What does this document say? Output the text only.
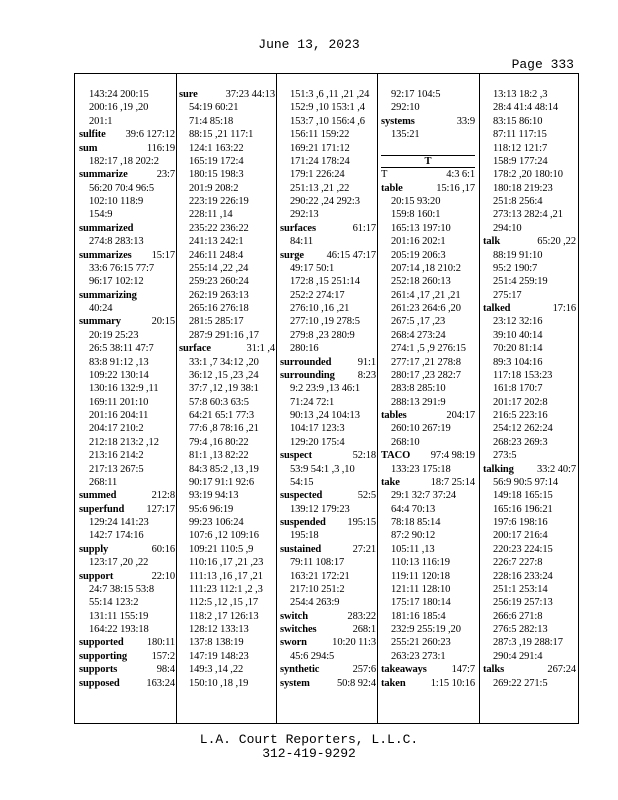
June 13, 2023
Page 333
143:24 200:15
200:16 ,19 ,20
201:1
sulfite 39:6 127:12
sum	116:19
182:17 ,18 202:2
summarize	23:7
56:20 70:4 96:5
102:10 118:9
154:9
summarized
274:8 283:13
summarizes 15:17
33:6 76:15 77:7
96:17 102:12
summarizing
40:24
summary	20:15
20:19 25:23
26:5 38:11 47:7
83:8 91:12 ,13
109:22 130:14
130:16 132:9 ,11
169:11 201:10
201:16 204:11
204:17 210:2
212:18 213:2 ,12
213:16 214:2
217:13 267:5
268:11
summed	212:8
superfund 127:17
129:24 141:23
142:7 174:16
supply	60:16
123:17 ,20 ,22
support	22:10
24:7 38:15 53:8
55:14 123:2
131:11 155:19
164:22 193:18
supported 180:11
supporting 157:2
supports	98:4
supposed	163:24
sure	37:23 44:13
54:19 60:21
71:4 85:18
88:15 ,21 117:1
124:1 163:22
165:19 172:4
180:15 198:3
201:9 208:2
223:19 226:19
228:11 ,14
235:22 236:22
241:13 242:1
246:11 248:4
255:14 ,22 ,24
259:23 260:24
262:19 263:13
265:16 276:18
281:5 285:17
287:9 291:16 ,17
surface	31:1 ,4
33:1 ,7 34:12 ,20
36:12 ,15 ,23 ,24
37:7 ,12 ,19 38:1
57:8 60:3 63:5
64:21 65:1 77:3
77:6 ,8 78:16 ,21
79:4 ,16 80:22
81:1 ,13 82:22
84:3 85:2 ,13 ,19
90:17 91:1 92:6
93:19 94:13
95:6 96:19
99:23 106:24
107:6 ,12 109:16
109:21 110:5 ,9
110:16 ,17 ,21 ,23
111:13 ,16 ,17 ,21
111:23 112:1 ,2 ,3
112:5 ,12 ,15 ,17
118:2 ,17 126:13
128:12 133:13
137:8 138:19
147:19 148:23
149:3 ,14 ,22
150:10 ,18 ,19
151:3 ,6 ,11 ,21 ,24
152:9 ,10 153:1 ,4
153:7 ,10 156:4 ,6
156:11 159:22
169:21 171:12
171:24 178:24
179:1 226:24
251:13 ,21 ,22
290:22 ,24 292:3
292:13
surfaces	61:17
84:11
surge 46:15 47:17
49:17 50:1
172:8 ,15 251:14
252:2 274:17
276:10 ,16 ,21
277:10 ,19 278:5
279:8 ,23 280:9
280:16
surrounded	91:1
surrounding 8:23
9:2 23:9 ,13 46:1
71:24 72:1
90:13 ,24 104:13
104:17 123:3
129:20 175:4
suspect	52:18
53:9 54:1 ,3 ,10
54:15
suspected	52:5
139:12 179:23
suspended 195:15
195:18
sustained	27:21
79:11 108:17
163:21 172:21
217:10 251:2
254:4 263:9
switch	283:22
switches	268:1
sworn 10:20 11:3
45:6 294:5
synthetic	257:6
system	50:8 92:4
92:17 104:5
292:10
systems	33:9
135:21
T
T	4:3 6:1
table	15:16 ,17
20:15 93:20
159:8 160:1
165:13 197:10
201:16 202:1
205:19 206:3
207:14 ,18 210:2
252:18 260:13
261:4 ,17 ,21 ,21
261:23 264:6 ,20
267:5 ,17 ,23
268:4 273:24
274:1 ,5 ,9 276:15
277:17 ,21 278:8
280:17 ,23 282:7
283:8 285:10
288:13 291:9
tables	204:17
260:10 267:19
268:10
TACO 97:4 98:19
133:23 175:18
take	18:7 25:14
29:1 32:7 37:24
64:4 70:13
78:18 85:14
87:2 90:12
105:11 ,13
110:13 116:19
119:11 120:18
121:11 128:10
175:17 180:14
181:16 185:4
232:9 255:19 ,20
255:21 260:23
263:23 273:1
takeaways 147:7
taken 1:15 10:16
13:13 18:2 ,3
28:4 41:4 48:14
83:15 86:10
87:11 117:15
118:12 121:7
158:9 177:24
178:2 ,20 180:10
180:18 219:23
251:8 256:4
273:13 282:4 ,21
294:10
talk	65:20 ,22
88:19 91:10
95:2 190:7
251:4 259:19
275:17
talked	17:16
23:12 32:16
39:10 40:14
70:20 81:14
89:3 104:16
117:18 153:23
161:8 170:7
201:17 202:8
216:5 223:16
254:12 262:24
268:23 269:3
273:5
talking 33:2 40:7
56:9 90:5 97:14
149:18 165:15
165:16 196:21
197:6 198:16
200:17 216:4
220:23 224:15
226:7 227:8
228:16 233:24
251:1 253:14
256:19 257:13
266:6 271:8
276:5 282:13
287:3 ,19 288:17
290:4 291:4
talks	267:24
269:22 271:5
L.A. Court Reporters, L.L.C.
312-419-9292
